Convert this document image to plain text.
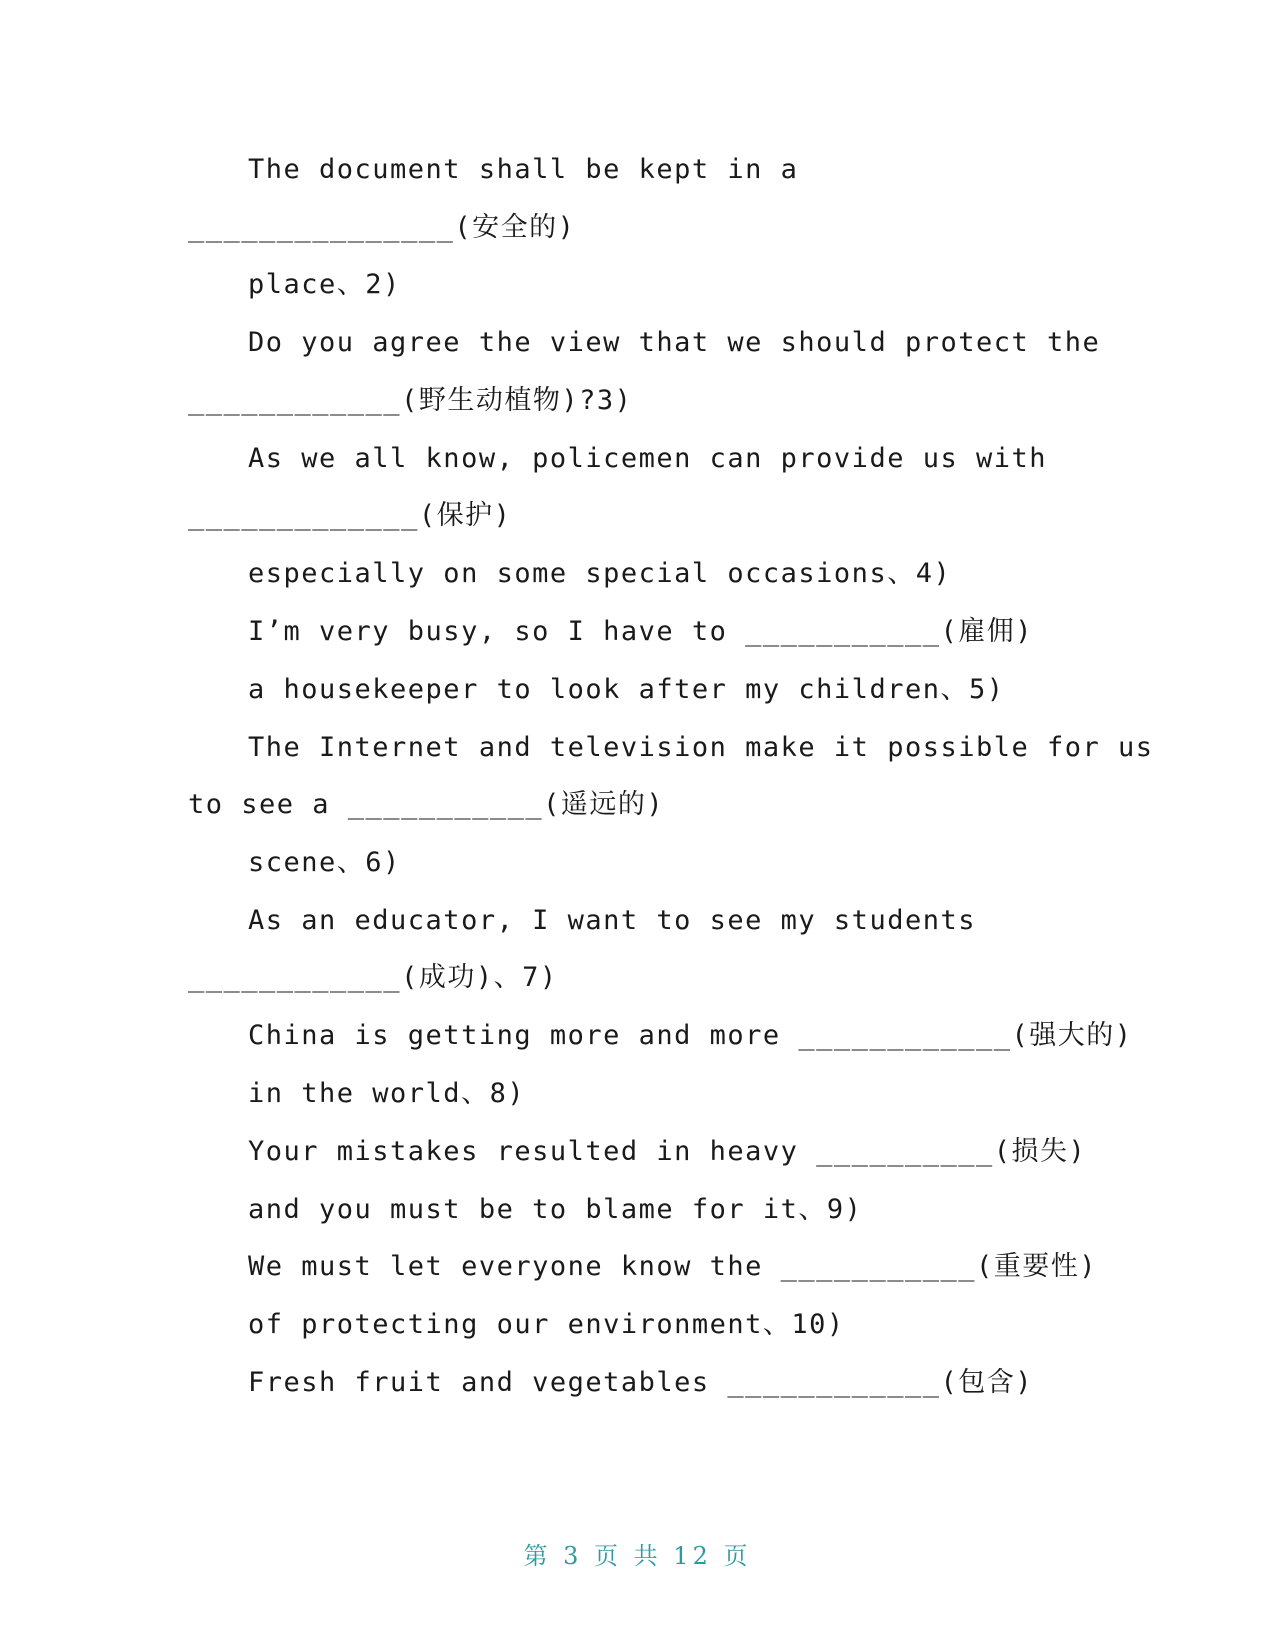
The document shall be kept in a
_______________(安全的)
place、2)
Do you agree the view that we should protect the
____________(野生动植物)?3)
As we all know, policemen can provide us with
_____________(保护)
especially on some special occasions、4)
I’m very busy, so I have to ___________(雇佣)
a housekeeper to look after my children、5)
The Internet and television make it possible for us
to see a ___________(遥远的)
scene、6)
As an educator, I want to see my students
____________(成功)、7)
China is getting more and more ____________(强大的)
in the world、8)
Your mistakes resulted in heavy __________(损失)
and you must be to blame for it、9)
We must let everyone know the ___________(重要性)
of protecting our environment、10)
Fresh fruit and vegetables ____________(包含)
第 3 页 共 12 页
